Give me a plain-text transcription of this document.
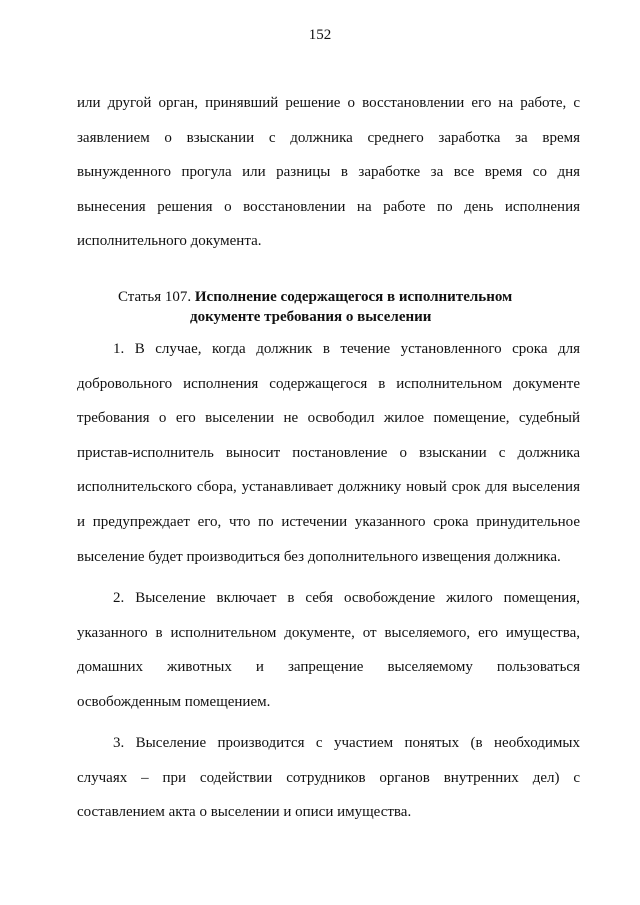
152
или другой орган, принявший решение о восстановлении его на работе, с
заявлением о взыскании с должника среднего заработка за время
вынужденного прогула или разницы в заработке за все время со дня
вынесения решения о восстановлении на работе по день исполнения
исполнительного документа.
Статья 107. Исполнение содержащегося в исполнительном
документе требования о выселении
1. В случае, когда должник в течение установленного срока для
добровольного исполнения содержащегося в исполнительном документе
требования о его выселении не освободил жилое помещение, судебный
пристав-исполнитель выносит постановление о взыскании с должника
исполнительского сбора, устанавливает должнику новый срок для выселения
и предупреждает его, что по истечении указанного срока принудительное
выселение будет производиться без дополнительного извещения должника.
2. Выселение включает в себя освобождение жилого помещения,
указанного в исполнительном документе, от выселяемого, его имущества,
домашних животных и запрещение выселяемому пользоваться
освобожденным помещением.
3. Выселение производится с участием понятых (в необходимых
случаях – при содействии сотрудников органов внутренних дел) с
составлением акта о выселении и описи имущества.
